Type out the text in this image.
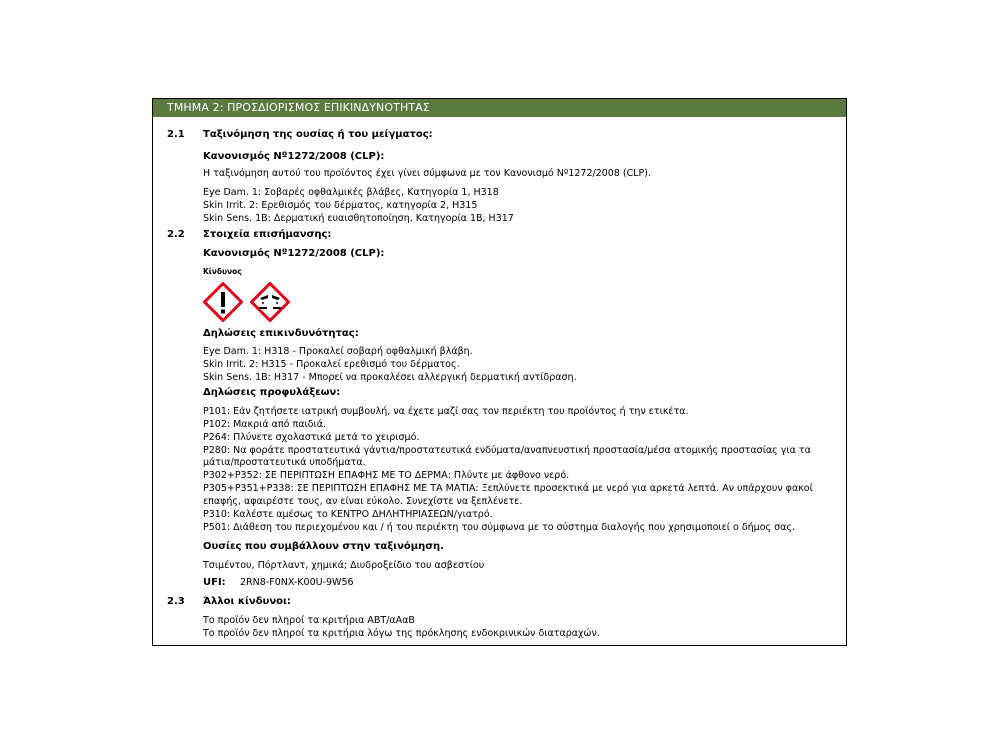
ΤΜΗΜΑ 2: ΠΡΟΣΔΙΟΡΙΣΜΟΣ ΕΠΙΚΙΝΔΥΝΟΤΗΤΑΣ
2.1 Ταξινόμηση της ουσίας ή του μείγματος:
Κανονισμός Nº1272/2008 (CLP):
Η ταξινόμηση αυτού του προϊόντος έχει γίνει σύμφωνα με τον Κανονισμό Nº1272/2008 (CLP).
Eye Dam. 1: Σοβαρές οφθαλμικές βλάβες, Κατηγορία 1, H318
Skin Irrit. 2: Ερεθισμός του δέρματος, κατηγορία 2, H315
Skin Sens. 1B: Δερματική ευαισθητοποίηση, Κατηγορία 1B, H317
2.2 Στοιχεία επισήμανσης:
Κανονισμός Nº1272/2008 (CLP):
Κίνδυνος
Δηλώσεις επικινδυνότητας:
Eye Dam. 1: H318 - Προκαλεί σοβαρή οφθαλμική βλάβη.
Skin Irrit. 2: H315 - Προκαλεί ερεθισμό του δέρματος.
Skin Sens. 1B: H317 - Μπορεί να προκαλέσει αλλεργική δερματική αντίδραση.
Δηλώσεις προφυλάξεων:
P101: Εάν ζητήσετε ιατρική συμβουλή, να έχετε μαζί σας τον περιέκτη του προϊόντος ή την ετικέτα.
P102: Μακριά από παιδιά.
P264: Πλύνετε σχολαστικά μετά το χειρισμό.
P280: Να φοράτε προστατευτικά γάντια/προστατευτικά ενδύματα/αναπνευστική προστασία/μέσα ατομικής προστασίας για τα
μάτια/προστατευτικά υποδήματα.
P302+P352: ΣΕ ΠΕΡΙΠΤΩΣΗ ΕΠΑΦΗΣ ΜΕ ΤΟ ΔΕΡΜΑ: Πλύντε με άφθονο νερό.
P305+P351+P338: ΣΕ ΠΕΡΙΠΤΩΣΗ ΕΠΑΦΗΣ ΜΕ ΤΑ ΜΑΤΙΑ: Ξεπλύνετε προσεκτικά με νερό για αρκετά λεπτά. Αν υπάρχουν φακοί
επαφής, αφαιρέστε τους, αν είναι εύκολο. Συνεχίστε να ξεπλένετε.
P310: Καλέστε αμέσως το ΚΕΝΤΡΟ ΔΗΛΗΤΗΡΙΑΣΕΩΝ/γιατρό.
P501: Διάθεση του περιεχομένου και / ή του περιέκτη του σύμφωνα με το σύστημα διαλογής που χρησιμοποιεί ο δήμος σας.
Ουσίες που συμβάλλουν στην ταξινόμηση.
Τσιμέντου, Πόρτλαντ, χημικά; Διυδροξείδιο του ασβεστίου
UFI: 2RN8-F0NX-K00U-9W56
2.3 Άλλοι κίνδυνοι:
Το προϊόν δεν πληροί τα κριτήρια ABT/αΑαB
Το προϊόν δεν πληροί τα κριτήρια λόγω της πρόκλησης ενδοκρινικών διαταραχών.
